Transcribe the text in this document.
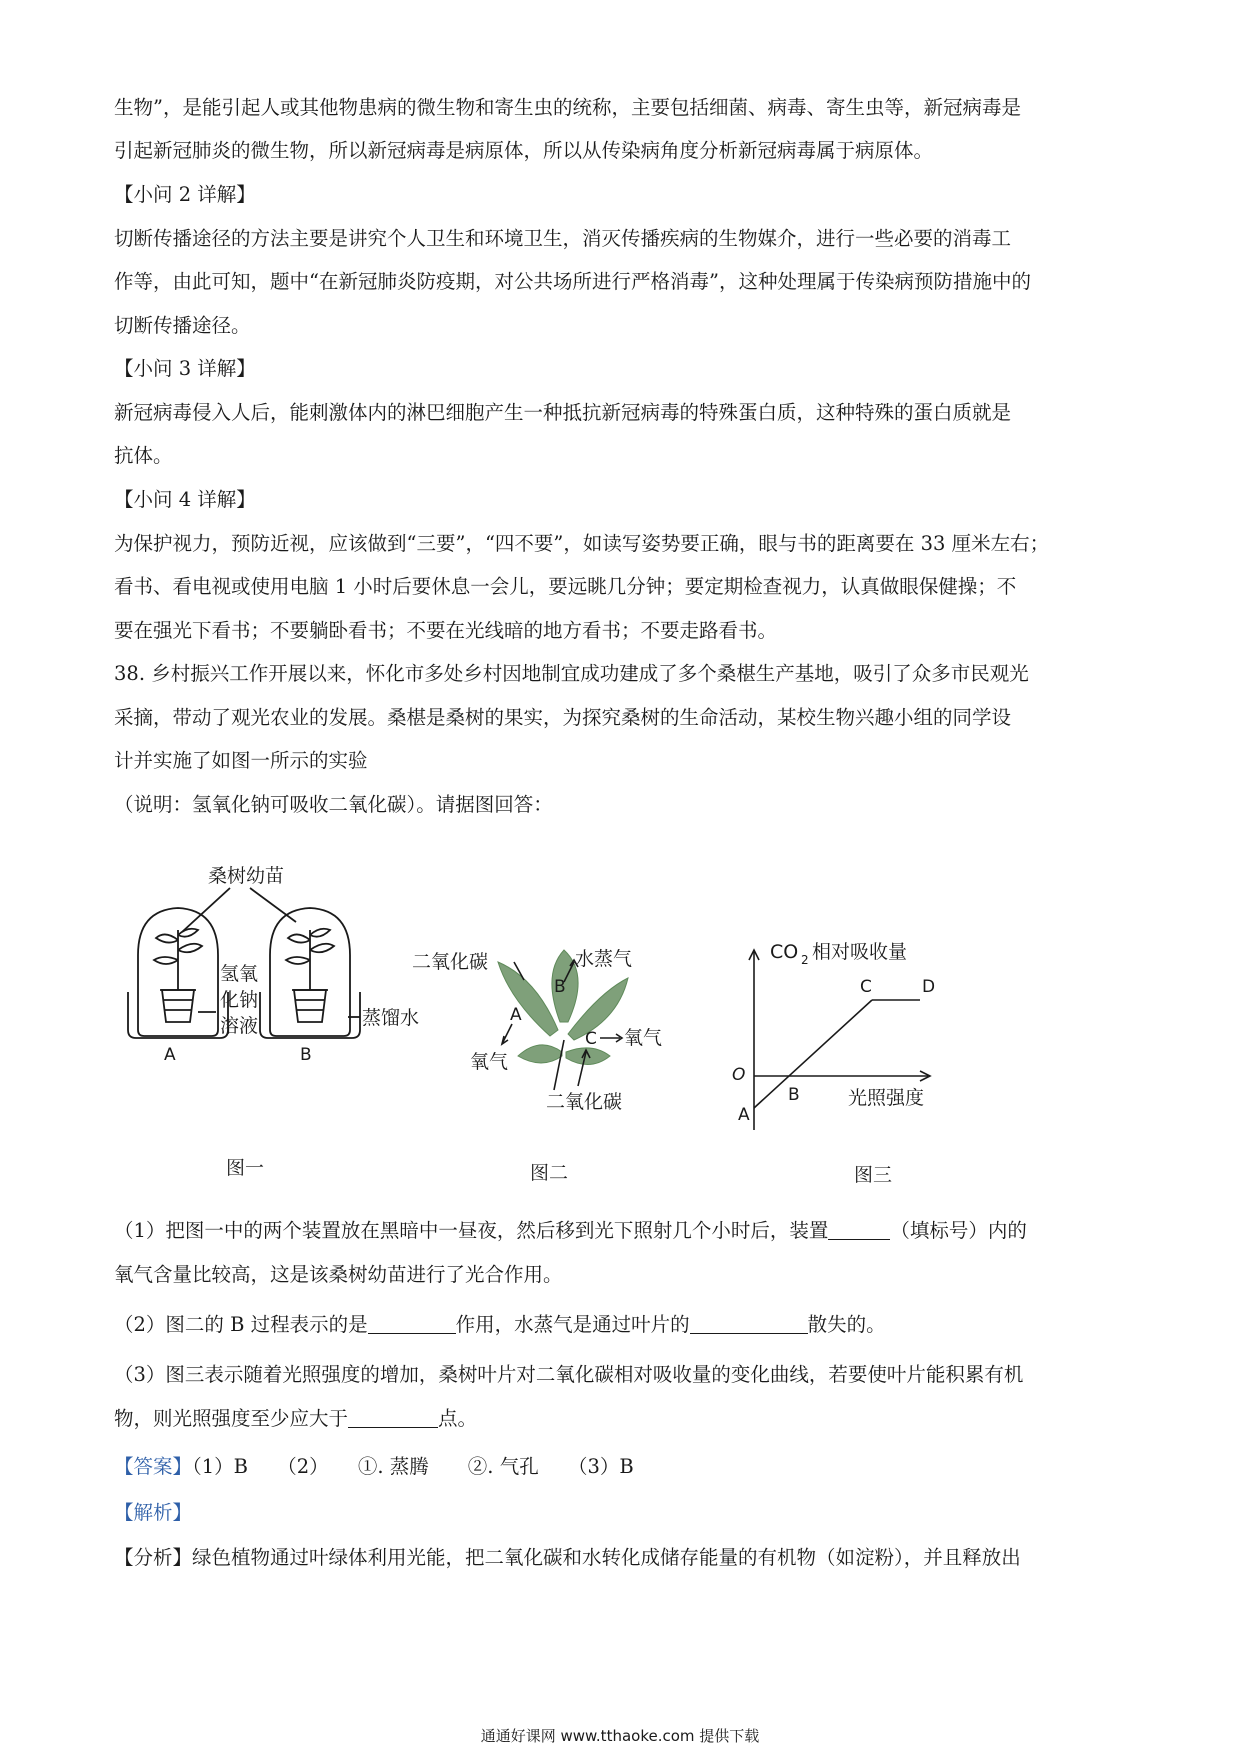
生物”，是能引起人或其他物患病的微生物和寄生虫的统称，主要包括细菌、病毒、寄生虫等，新冠病毒是
引起新冠肺炎的微生物，所以新冠病毒是病原体，所以从传染病角度分析新冠病毒属于病原体。
【小问 2 详解】
切断传播途径的方法主要是讲究个人卫生和环境卫生，消灭传播疾病的生物媒介，进行一些必要的消毒工
作等，由此可知，题中“在新冠肺炎防疫期，对公共场所进行严格消毒”，这种处理属于传染病预防措施中的
切断传播途径。
【小问 3 详解】
新冠病毒侵入人后，能刺激体内的淋巴细胞产生一种抵抗新冠病毒的特殊蛋白质，这种特殊的蛋白质就是
抗体。
【小问 4 详解】
为保护视力，预防近视，应该做到“三要”，“四不要”，如读写姿势要正确，眼与书的距离要在 33 厘米左右；
看书、看电视或使用电脑 1 小时后要休息一会儿，要远眺几分钟；要定期检查视力，认真做眼保健操；不
要在强光下看书；不要躺卧看书；不要在光线暗的地方看书；不要走路看书。
38. 乡村振兴工作开展以来，怀化市多处乡村因地制宜成功建成了多个桑椹生产基地，吸引了众多市民观光
采摘，带动了观光农业的发展。桑椹是桑树的果实，为探究桑树的生命活动，某校生物兴趣小组的同学设
计并实施了如图一所示的实验
（说明：氢氧化钠可吸收二氧化碳）。请据图回答：
桑树幼苗
氢氧
化钠
溶液	蒸馏水
A	B
图一
二氧化碳	水蒸气
氧气
氧气
二氧化碳
A
B
C
图二
CO 2 相对吸收量
O
A
B
C	D
光照强度
图三
（1）把图一中的两个装置放在黑暗中一昼夜，然后移到光下照射几个小时后，装置	（填标号）内的
氧气含量比较高，这是该桑树幼苗进行了光合作用。
（2）图二的 B 过程表示的是	作用，水蒸气是通过叶片的	散失的。
（3）图三表示随着光照强度的增加，桑树叶片对二氧化碳相对吸收量的变化曲线，若要使叶片能积累有机
物，则光照强度至少应大于	点。
【答案】（1）B　　（2）　　①. 蒸腾　　②. 气孔　　（3）B
【解析】
【分析】绿色植物通过叶绿体利用光能，把二氧化碳和水转化成储存能量的有机物（如淀粉），并且释放出
通通好课网 www.tthaoke.com 提供下载
